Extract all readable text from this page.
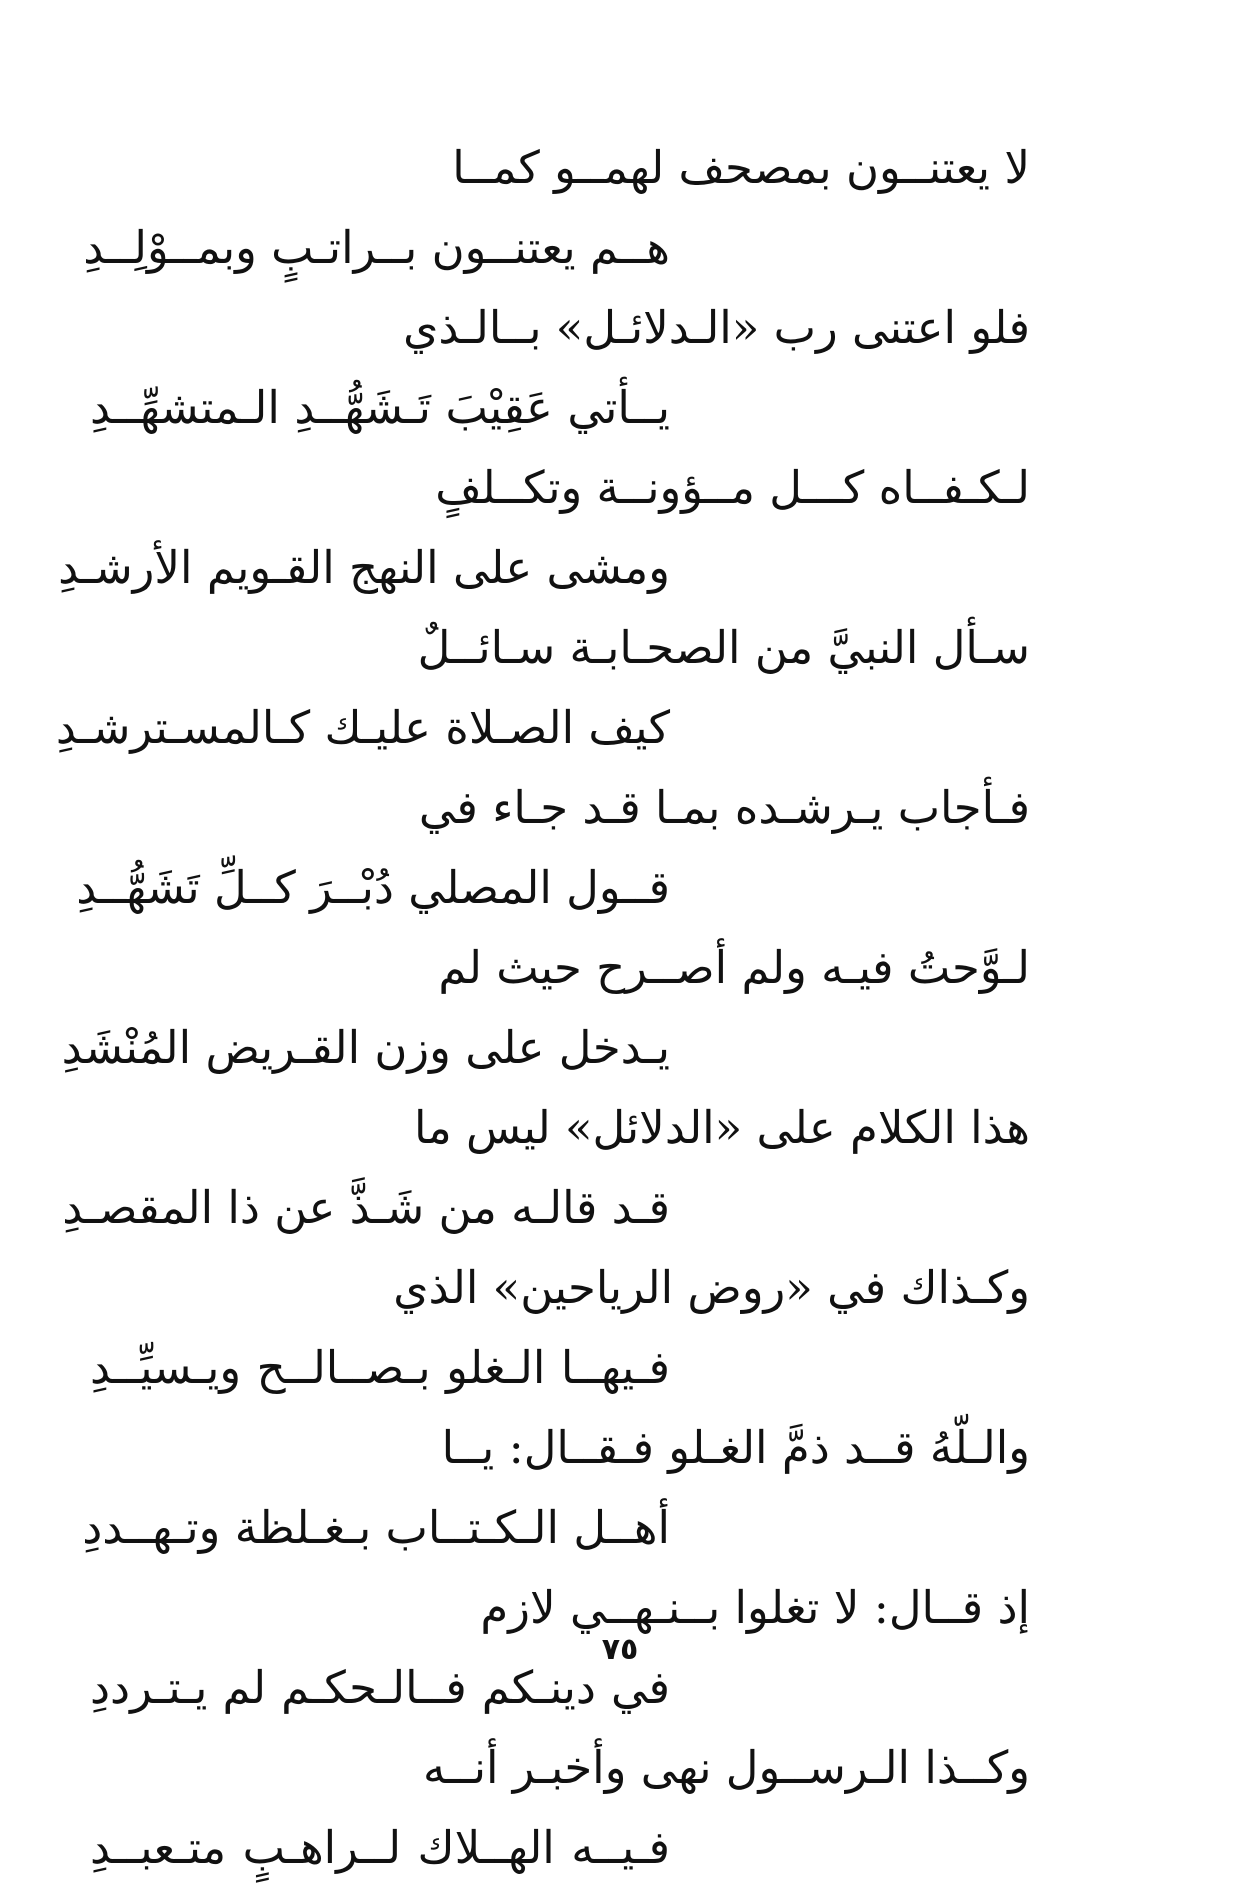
لا يعتنــون بمصحف لهمــو كمــا
هــم يعتنــون بــراتـبٍ وبمــوْلِــدِ
فلو اعتنى رب «الـدلائـل» بــالـذي
يــأتي عَقِيْبَ تَـشَهُّــدِ الـمتشهِّــدِ
لـكـفــاه كـــل مــؤونــة وتكــلفٍ
ومشى على النهج القـويم الأرشـدِ
سـأل النبيَّ من الصحـابـة سـائــلٌ
كيف الصـلاة عليـك كـالمسـترشـدِ
فـأجاب يـرشـده بمـا قـد جـاء في
قــول المصلي دُبْــرَ كــلِّ تَشَهُّــدِ
لـوَّحتُ فيـه ولم أصــرح حيث لم
يـدخل على وزن القـريض المُنْشَدِ
هذا الكلام على «الدلائل» ليس ما
قـد قالـه من شَـذَّ عن ذا المقصـدِ
وكـذاك في «روض الرياحين» الذي
فـيهــا الـغلو بـصــالــح ويـسيِّــدِ
والـلّهُ قــد ذمَّ الغـلو فـقــال: يــا
أهــل الـكـتــاب بـغـلظة وتـهــددِ
إذ قــال: لا تغلوا بــنـهــي لازم
في دينـكم فــالـحكـم لم يـتـرددِ
وكــذا الـرســول نهى وأخبـر أنــه
فـيــه الهــلاك لــراهـبٍ متـعبــدِ
٧٥
